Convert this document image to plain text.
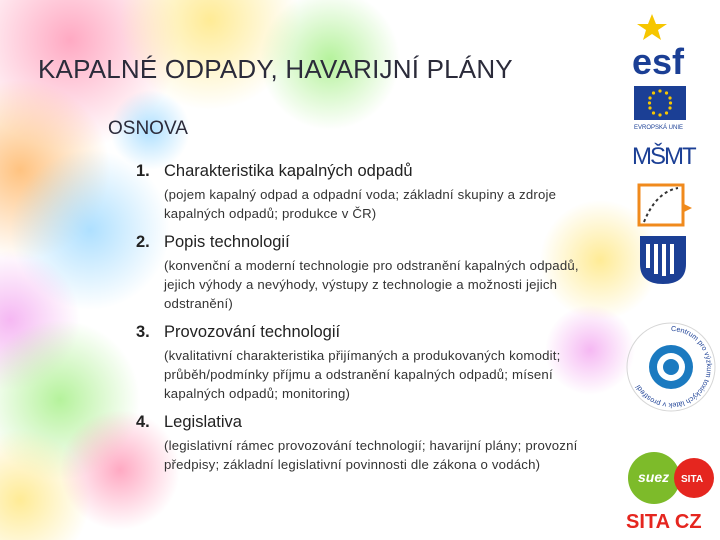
KAPALNÉ ODPADY, HAVARIJNÍ PLÁNY
OSNOVA
1. Charakteristika kapalných odpadů
(pojem kapalný odpad a odpadní voda; základní skupiny a zdroje kapalných odpadů; produkce v ČR)
2. Popis technologií
(konvenční a moderní technologie pro odstranění kapalných odpadů, jejich výhody a nevýhody, výstupy z technologie a možnosti jejich odstranění)
3. Provozování technologií
(kvalitativní charakteristika přijímaných a produkovaných komodit; průběh/podmínky příjmu a odstranění kapalných odpadů; mísení kapalných odpadů; monitoring)
4. Legislativa
(legislativní rámec provozování technologií; havarijní plány; provozní předpisy; základní legislativní povinnosti dle zákona o vodách)
esf
EVROPSKÁ UNIE
MŠMT
Centrum pro výzkum toxických látek v prostředí
suez SITA
SITA CZ
